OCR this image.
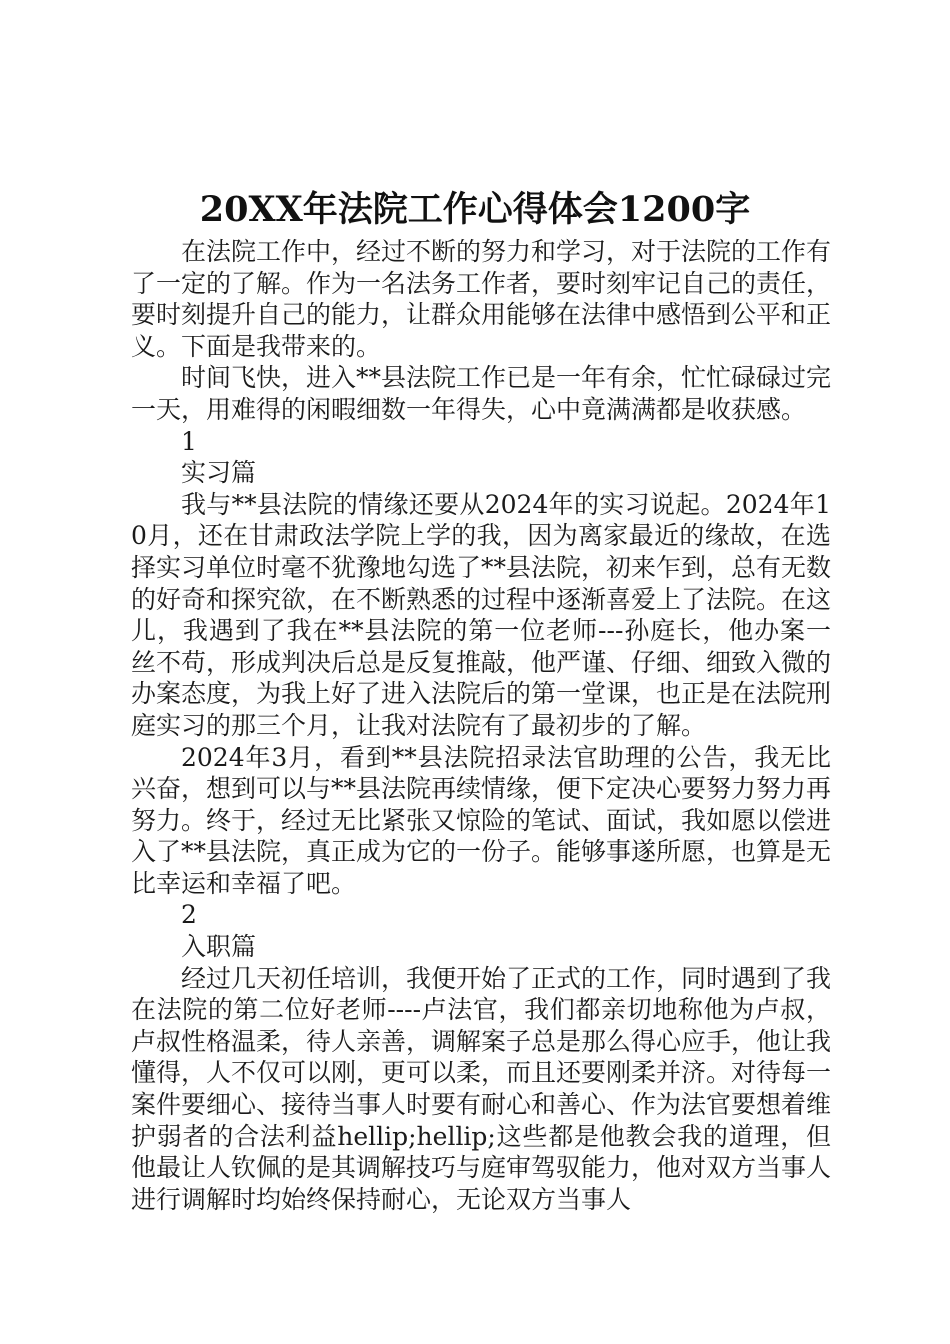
20XX年法院工作心得体会1200字

在法院工作中，经过不断的努力和学习，对于法院的工作有了一定的了解。作为一名法务工作者，要时刻牢记自己的责任，要时刻提升自己的能力，让群众用能够在法律中感悟到公平和正义。下面是我带来的。

时间飞快，进入**县法院工作已是一年有余，忙忙碌碌过完一天，用难得的闲暇细数一年得失，心中竟满满都是收获感。

1

实习篇

我与**县法院的情缘还要从2024年的实习说起。2024年10月，还在甘肃政法学院上学的我，因为离家最近的缘故，在选择实习单位时毫不犹豫地勾选了**县法院，初来乍到，总有无数的好奇和探究欲，在不断熟悉的过程中逐渐喜爱上了法院。在这儿，我遇到了我在**县法院的第一位老师---孙庭长，他办案一丝不苟，形成判决后总是反复推敲，他严谨、仔细、细致入微的办案态度，为我上好了进入法院后的第一堂课，也正是在法院刑庭实习的那三个月，让我对法院有了最初步的了解。

2024年3月，看到**县法院招录法官助理的公告，我无比兴奋，想到可以与**县法院再续情缘，便下定决心要努力努力再努力。终于，经过无比紧张又惊险的笔试、面试，我如愿以偿进入了**县法院，真正成为它的一份子。能够事遂所愿，也算是无比幸运和幸福了吧。

2

入职篇

经过几天初任培训，我便开始了正式的工作，同时遇到了我在法院的第二位好老师----卢法官，我们都亲切地称他为卢叔，卢叔性格温柔，待人亲善，调解案子总是那么得心应手，他让我懂得，人不仅可以刚，更可以柔，而且还要刚柔并济。对待每一案件要细心、接待当事人时要有耐心和善心、作为法官要想着维护弱者的合法利益hellip;hellip;这些都是他教会我的道理，但他最让人钦佩的是其调解技巧与庭审驾驭能力，他对双方当事人进行调解时均始终保持耐心，无论双方当事人
